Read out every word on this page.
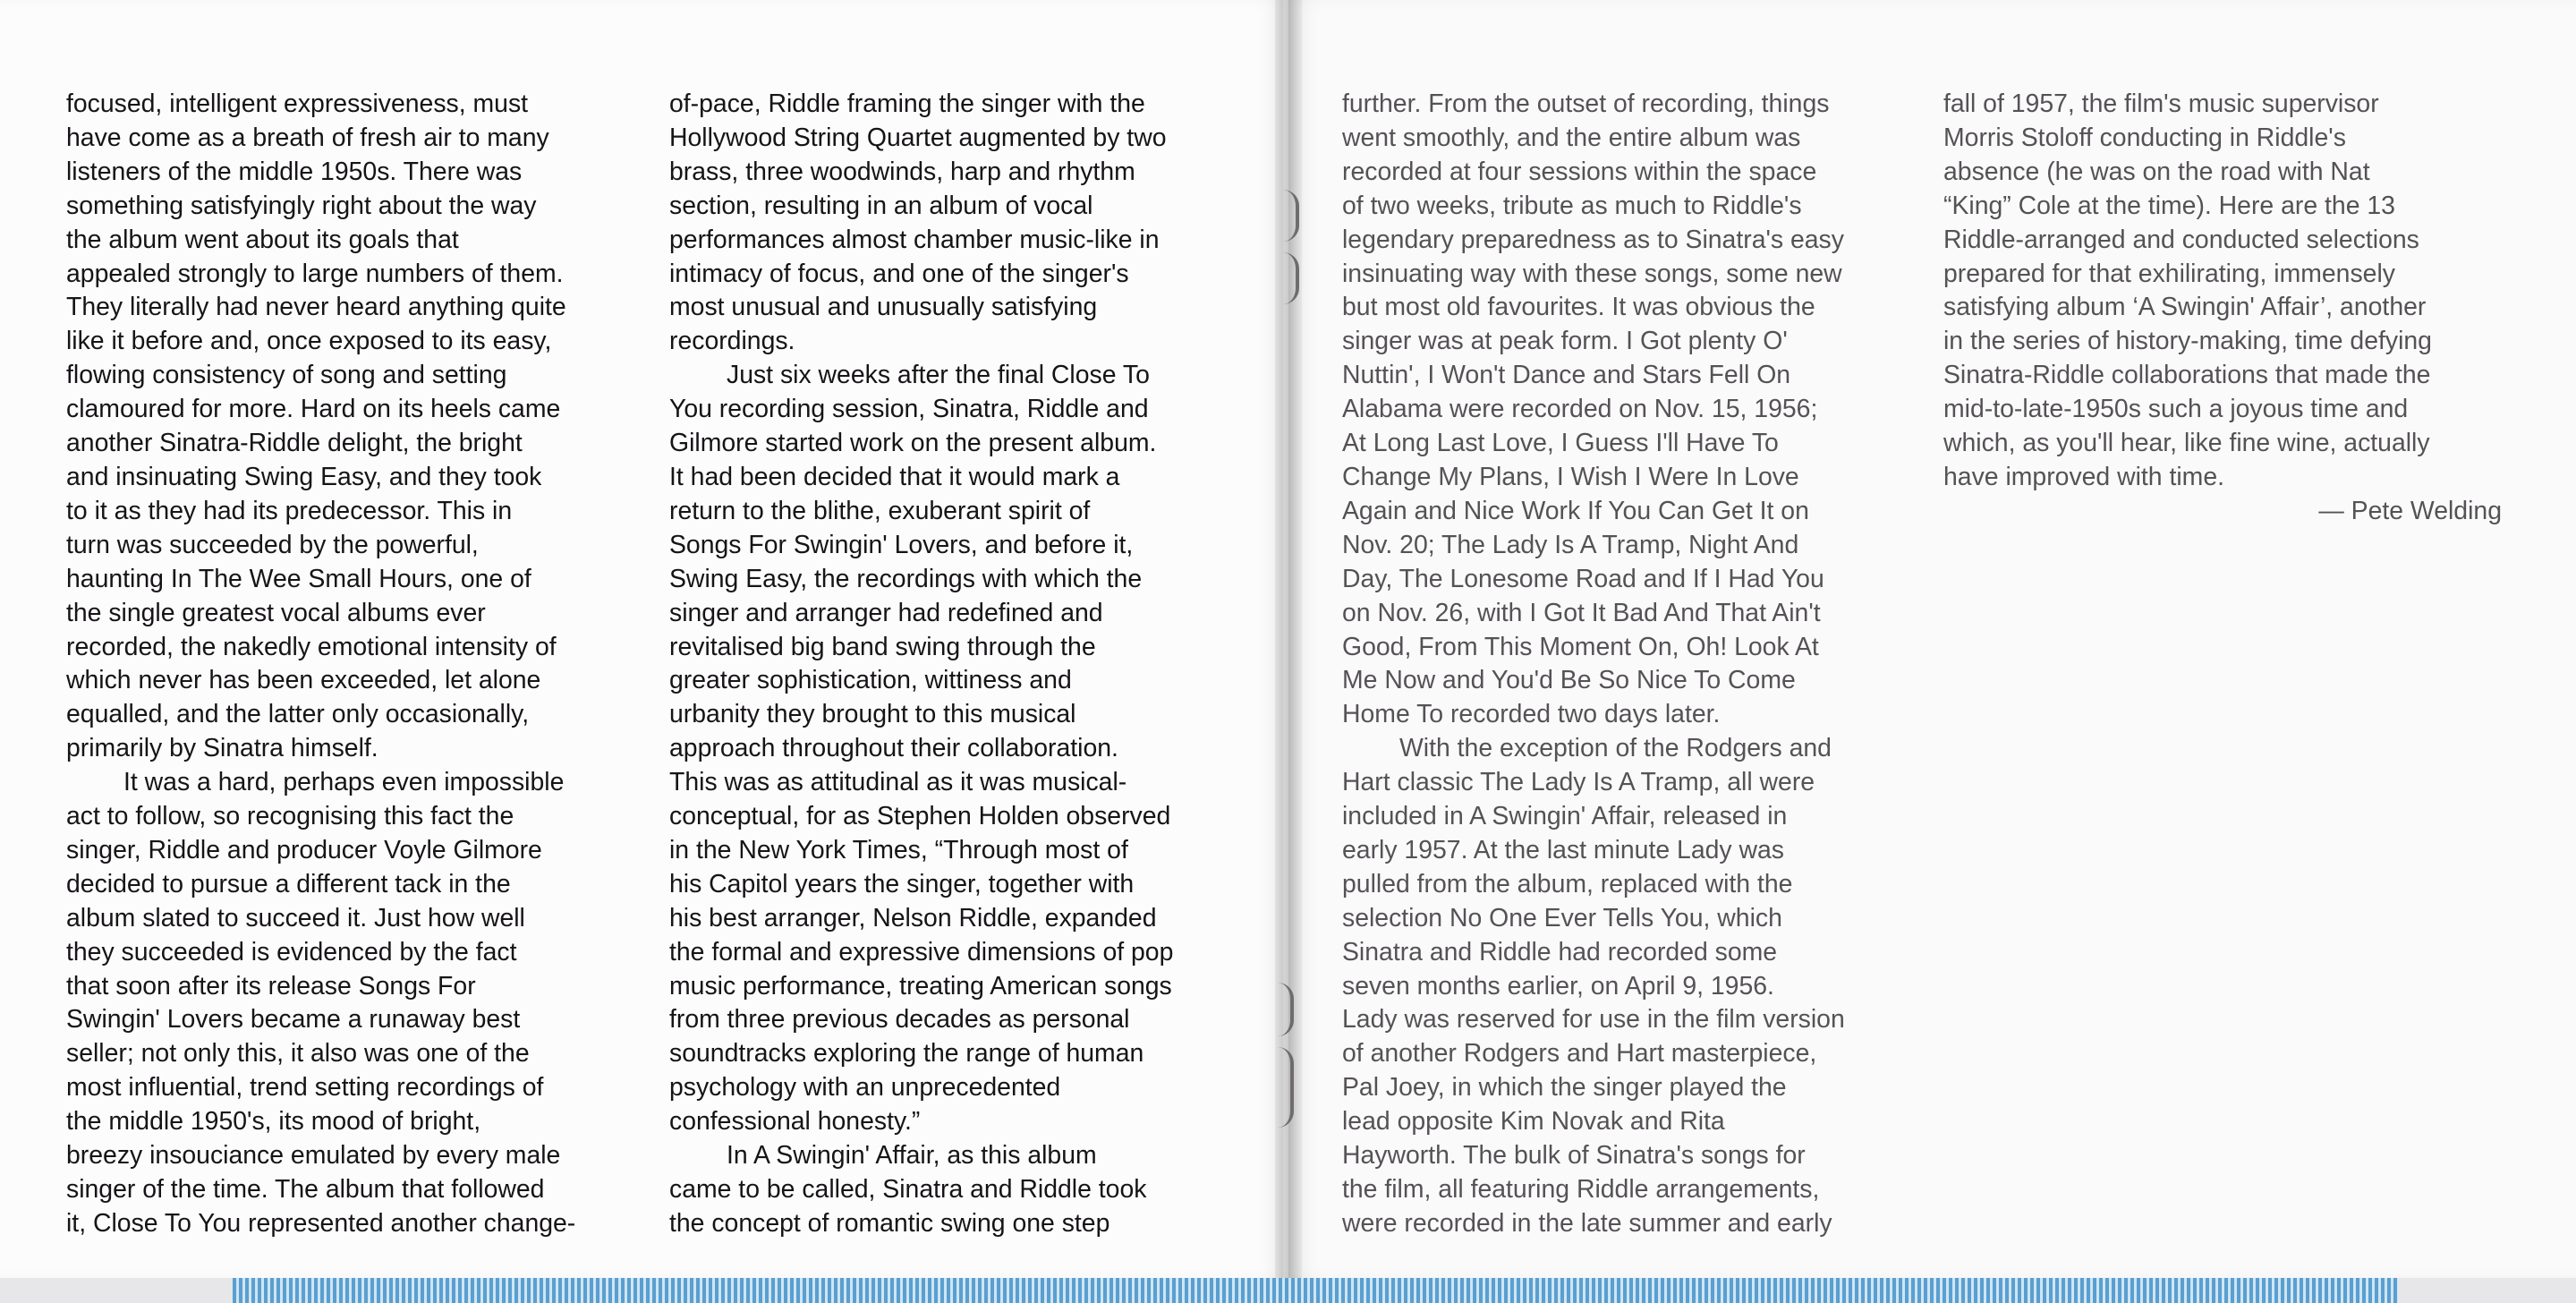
focused, intelligent expressiveness, must
have come as a breath of fresh air to many
listeners of the middle 1950s. There was
something satisfyingly right about the way
the album went about its goals that
appealed strongly to large numbers of them.
They literally had never heard anything quite
like it before and, once exposed to its easy,
flowing consistency of song and setting
clamoured for more. Hard on its heels came
another Sinatra-Riddle delight, the bright
and insinuating Swing Easy, and they took
to it as they had its predecessor. This in
turn was succeeded by the powerful,
haunting In The Wee Small Hours, one of
the single greatest vocal albums ever
recorded, the nakedly emotional intensity of
which never has been exceeded, let alone
equalled, and the latter only occasionally,
primarily by Sinatra himself.
It was a hard, perhaps even impossible
act to follow, so recognising this fact the
singer, Riddle and producer Voyle Gilmore
decided to pursue a different tack in the
album slated to succeed it. Just how well
they succeeded is evidenced by the fact
that soon after its release Songs For
Swingin' Lovers became a runaway best
seller; not only this, it also was one of the
most influential, trend setting recordings of
the middle 1950's, its mood of bright,
breezy insouciance emulated by every male
singer of the time. The album that followed
it, Close To You represented another change-
of-pace, Riddle framing the singer with the
Hollywood String Quartet augmented by two
brass, three woodwinds, harp and rhythm
section, resulting in an album of vocal
performances almost chamber music-like in
intimacy of focus, and one of the singer's
most unusual and unusually satisfying
recordings.
Just six weeks after the final Close To
You recording session, Sinatra, Riddle and
Gilmore started work on the present album.
It had been decided that it would mark a
return to the blithe, exuberant spirit of
Songs For Swingin' Lovers, and before it,
Swing Easy, the recordings with which the
singer and arranger had redefined and
revitalised big band swing through the
greater sophistication, wittiness and
urbanity they brought to this musical
approach throughout their collaboration.
This was as attitudinal as it was musical-
conceptual, for as Stephen Holden observed
in the New York Times, “Through most of
his Capitol years the singer, together with
his best arranger, Nelson Riddle, expanded
the formal and expressive dimensions of pop
music performance, treating American songs
from three previous decades as personal
soundtracks exploring the range of human
psychology with an unprecedented
confessional honesty.”
In A Swingin' Affair, as this album
came to be called, Sinatra and Riddle took
the concept of romantic swing one step
further. From the outset of recording, things
went smoothly, and the entire album was
recorded at four sessions within the space
of two weeks, tribute as much to Riddle's
legendary preparedness as to Sinatra's easy
insinuating way with these songs, some new
but most old favourites. It was obvious the
singer was at peak form. I Got plenty O'
Nuttin', I Won't Dance and Stars Fell On
Alabama were recorded on Nov. 15, 1956;
At Long Last Love, I Guess I'll Have To
Change My Plans, I Wish I Were In Love
Again and Nice Work If You Can Get It on
Nov. 20; The Lady Is A Tramp, Night And
Day, The Lonesome Road and If I Had You
on Nov. 26, with I Got It Bad And That Ain't
Good, From This Moment On, Oh! Look At
Me Now and You'd Be So Nice To Come
Home To recorded two days later.
With the exception of the Rodgers and
Hart classic The Lady Is A Tramp, all were
included in A Swingin' Affair, released in
early 1957. At the last minute Lady was
pulled from the album, replaced with the
selection No One Ever Tells You, which
Sinatra and Riddle had recorded some
seven months earlier, on April 9, 1956.
Lady was reserved for use in the film version
of another Rodgers and Hart masterpiece,
Pal Joey, in which the singer played the
lead opposite Kim Novak and Rita
Hayworth. The bulk of Sinatra's songs for
the film, all featuring Riddle arrangements,
were recorded in the late summer and early
fall of 1957, the film's music supervisor
Morris Stoloff conducting in Riddle's
absence (he was on the road with Nat
“King” Cole at the time). Here are the 13
Riddle-arranged and conducted selections
prepared for that exhilirating, immensely
satisfying album ‘A Swingin' Affair’, another
in the series of history-making, time defying
Sinatra-Riddle collaborations that made the
mid-to-late-1950s such a joyous time and
which, as you'll hear, like fine wine, actually
have improved with time.
— Pete Welding
